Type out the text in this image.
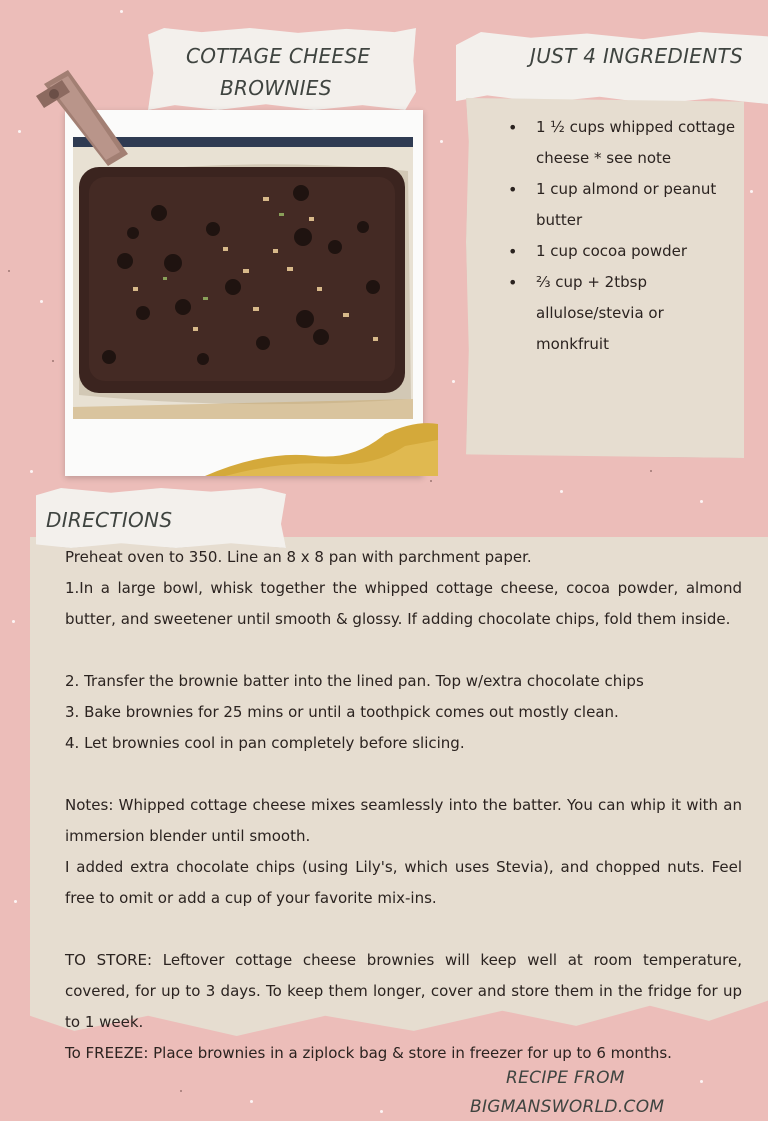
COTTAGE CHEESE
BROWNIES
JUST 4 INGREDIENTS
• 1 ½ cups whipped cottage cheese * see note
• 1 cup almond or peanut butter
• 1 cup cocoa powder
• ⅔ cup + 2tbsp allulose/stevia or monkfruit
DIRECTIONS

Preheat oven to 350. Line an 8 x 8 pan with parchment paper.

1.In a large bowl, whisk together the whipped cottage cheese, cocoa powder, almond butter, and sweetener until smooth & glossy. If adding chocolate chips, fold them inside.

2. Transfer the brownie batter into the lined pan. Top w/extra chocolate chips

3. Bake brownies for 25 mins or until a toothpick comes out mostly clean.

4. Let brownies cool in pan completely before slicing.

Notes: Whipped cottage cheese mixes seamlessly into the batter. You can whip it with an immersion blender until smooth.

I added extra chocolate chips (using Lily's, which uses Stevia), and chopped nuts. Feel free to omit or add a cup of your favorite mix-ins.

TO STORE: Leftover cottage cheese brownies will keep well at room temperature, covered, for up to 3 days. To keep them longer, cover and store them in the fridge for up to 1 week.

To FREEZE: Place brownies in a ziplock bag & store in freezer for up to 6 months.

RECIPE FROM
BIGMANSWORLD.COM
